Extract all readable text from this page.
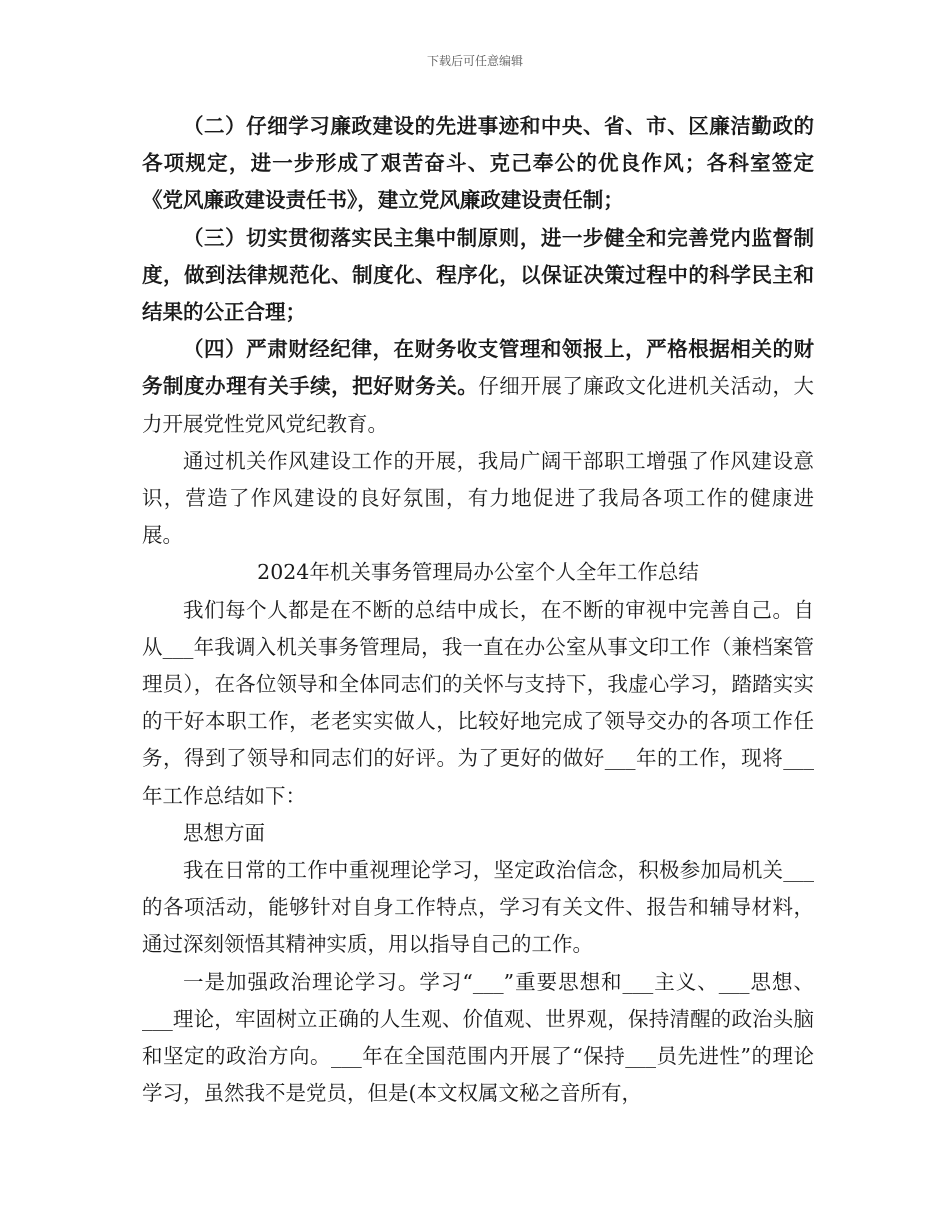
下载后可任意编辑

（二）仔细学习廉政建设的先进事迹和中央、省、市、区廉洁勤政的各项规定，进一步形成了艰苦奋斗、克己奉公的优良作风；各科室签定《党风廉政建设责任书》，建立党风廉政建设责任制；

（三）切实贯彻落实民主集中制原则，进一步健全和完善党内监督制度，做到法律规范化、制度化、程序化，以保证决策过程中的科学民主和结果的公正合理；

（四）严肃财经纪律，在财务收支管理和领报上，严格根据相关的财务制度办理有关手续，把好财务关。仔细开展了廉政文化进机关活动，大力开展党性党风党纪教育。

通过机关作风建设工作的开展，我局广阔干部职工增强了作风建设意识，营造了作风建设的良好氛围，有力地促进了我局各项工作的健康进展。

2024年机关事务管理局办公室个人全年工作总结

我们每个人都是在不断的总结中成长，在不断的审视中完善自己。自从___年我调入机关事务管理局，我一直在办公室从事文印工作（兼档案管理员），在各位领导和全体同志们的关怀与支持下，我虚心学习，踏踏实实的干好本职工作，老老实实做人，比较好地完成了领导交办的各项工作任务，得到了领导和同志们的好评。为了更好的做好___年的工作，现将___年工作总结如下：

思想方面

我在日常的工作中重视理论学习，坚定政治信念，积极参加局机关___的各项活动，能够针对自身工作特点，学习有关文件、报告和辅导材料，通过深刻领悟其精神实质，用以指导自己的工作。

一是加强政治理论学习。学习“___”重要思想和___主义、___思想、___理论，牢固树立正确的人生观、价值观、世界观，保持清醒的政治头脑和坚定的政治方向。___年在全国范围内开展了“保持___员先进性”的理论学习，虽然我不是党员，但是(本文权属文秘之音所有，
